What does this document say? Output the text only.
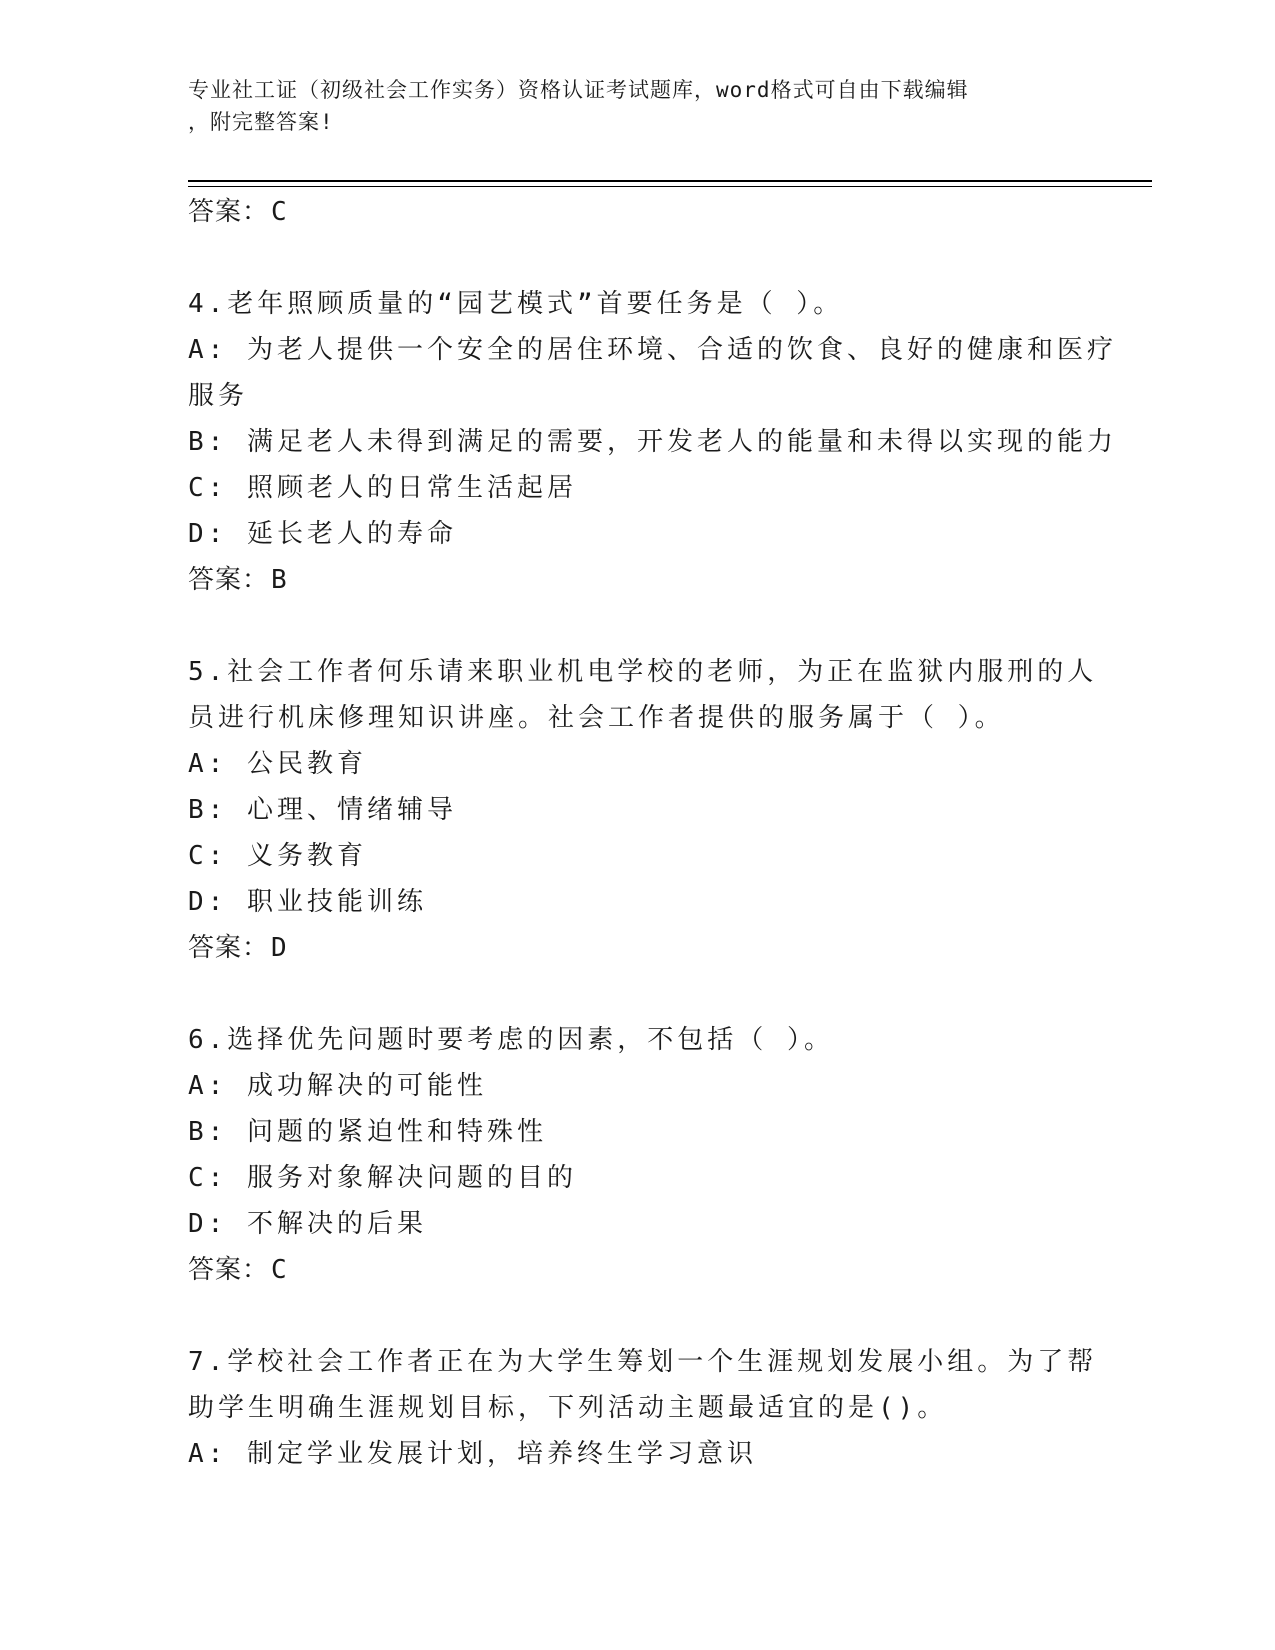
专业社工证（初级社会工作实务）资格认证考试题库，word格式可自由下载编辑
，附完整答案!
答案：C
4.老年照顾质量的“园艺模式”首要任务是（ ）。
A: 为老人提供一个安全的居住环境、合适的饮食、良好的健康和医疗
服务
B: 满足老人未得到满足的需要，开发老人的能量和未得以实现的能力
C: 照顾老人的日常生活起居
D: 延长老人的寿命
答案：B
5.社会工作者何乐请来职业机电学校的老师，为正在监狱内服刑的人
员进行机床修理知识讲座。社会工作者提供的服务属于（ ）。
A: 公民教育
B: 心理、情绪辅导
C: 义务教育
D: 职业技能训练
答案：D
6.选择优先问题时要考虑的因素，不包括（ ）。
A: 成功解决的可能性
B: 问题的紧迫性和特殊性
C: 服务对象解决问题的目的
D: 不解决的后果
答案：C
7.学校社会工作者正在为大学生筹划一个生涯规划发展小组。为了帮
助学生明确生涯规划目标，下列活动主题最适宜的是()。
A: 制定学业发展计划，培养终生学习意识
